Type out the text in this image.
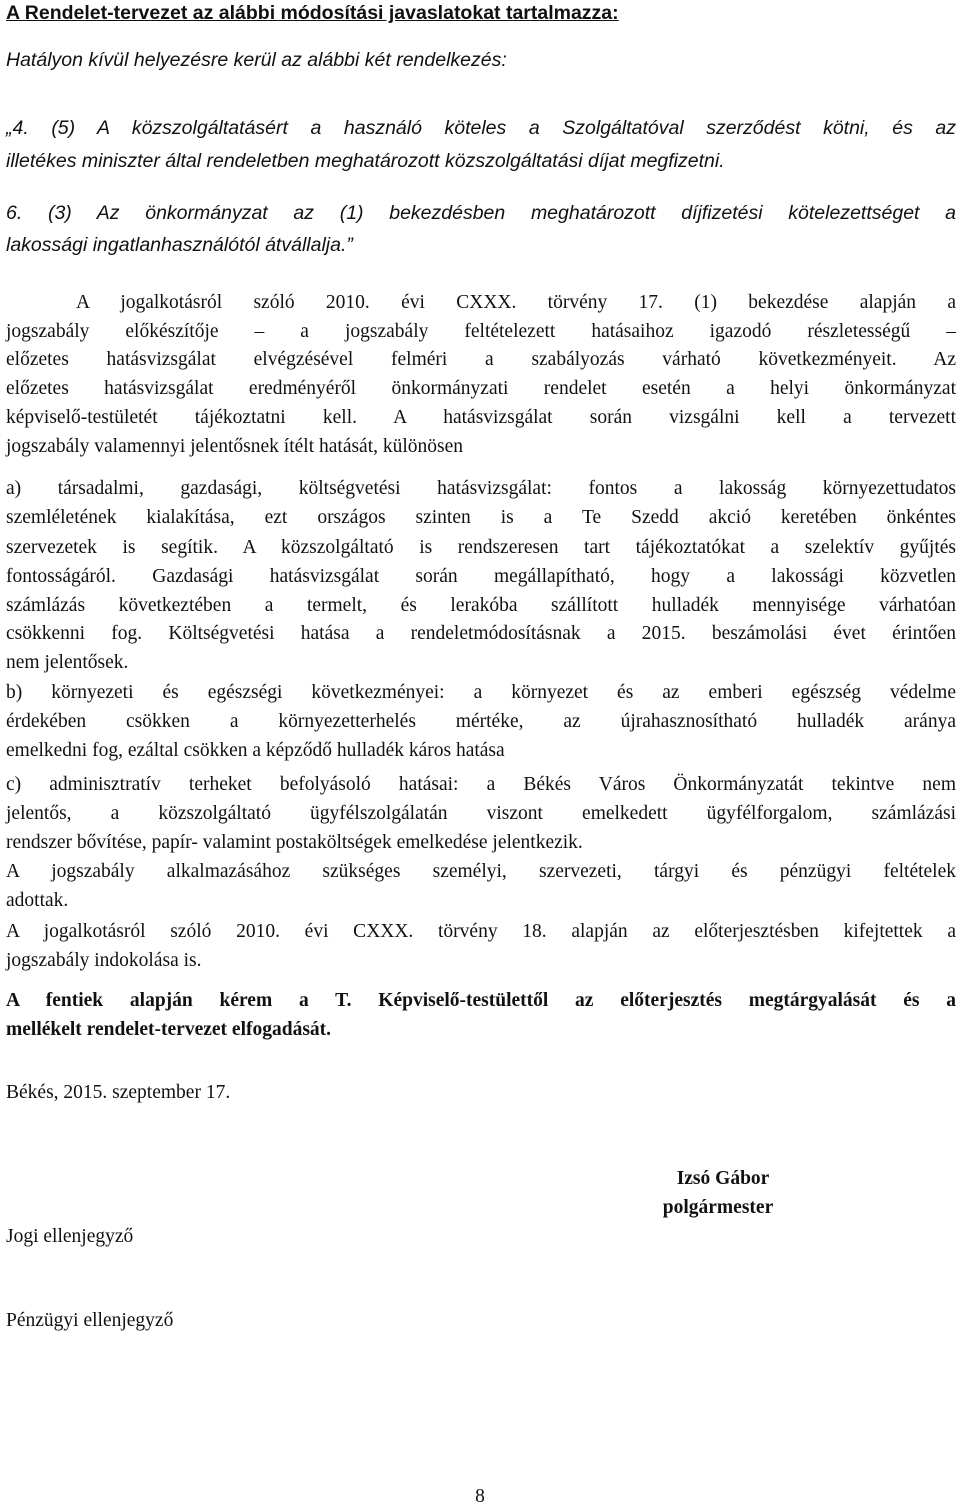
A Rendelet-tervezet az alábbi módosítási javaslatokat tartalmazza:
Hatályon kívül helyezésre kerül az alábbi két rendelkezés:
„4. (5) A közszolgáltatásért a használó köteles a Szolgáltatóval szerződést kötni, és az
illetékes miniszter által rendeletben meghatározott közszolgáltatási díjat megfizetni.
6. (3) Az önkormányzat az (1) bekezdésben meghatározott díjfizetési kötelezettséget a
lakossági ingatlanhasználótól átvállalja.”
A jogalkotásról szóló 2010. évi CXXX. törvény 17. (1) bekezdése alapján a
jogszabály előkészítője – a jogszabály feltételezett hatásaihoz igazodó részletességű –
előzetes hatásvizsgálat elvégzésével felméri a szabályozás várható következményeit. Az
előzetes hatásvizsgálat eredményéről önkormányzati rendelet esetén a helyi önkormányzat
képviselő-testületét tájékoztatni kell. A hatásvizsgálat során vizsgálni kell a tervezett
jogszabály valamennyi jelentősnek ítélt hatását, különösen
a) társadalmi, gazdasági, költségvetési hatásvizsgálat: fontos a lakosság környezettudatos
szemléletének kialakítása, ezt országos szinten is a Te Szedd akció keretében önkéntes
szervezetek is segítik. A közszolgáltató is rendszeresen tart tájékoztatókat a szelektív gyűjtés
fontosságáról. Gazdasági hatásvizsgálat során megállapítható, hogy a lakossági közvetlen
számlázás következtében a termelt, és lerakóba szállított hulladék mennyisége várhatóan
csökkenni fog. Költségvetési hatása a rendeletmódosításnak a 2015. beszámolási évet érintően
nem jelentősek.
b) környezeti és egészségi következményei: a környezet és az emberi egészség védelme
érdekében csökken a környezetterhelés mértéke, az újrahasznosítható hulladék aránya
emelkedni fog, ezáltal csökken a képződő hulladék káros hatása
c) adminisztratív terheket befolyásoló hatásai: a Békés Város Önkormányzatát tekintve nem
jelentős, a közszolgáltató ügyfélszolgálatán viszont emelkedett ügyfélforgalom, számlázási
rendszer bővítése, papír- valamint postaköltségek emelkedése jelentkezik.
A jogszabály alkalmazásához szükséges személyi, szervezeti, tárgyi és pénzügyi feltételek
adottak.
A jogalkotásról szóló 2010. évi CXXX. törvény 18. alapján az előterjesztésben kifejtettek a
jogszabály indokolása is.
A fentiek alapján kérem a T. Képviselő-testülettől az előterjesztés megtárgyalását és a
mellékelt rendelet-tervezet elfogadását.
Békés, 2015. szeptember 17.
Izsó Gábor
polgármester
Jogi ellenjegyző
Pénzügyi ellenjegyző
8
